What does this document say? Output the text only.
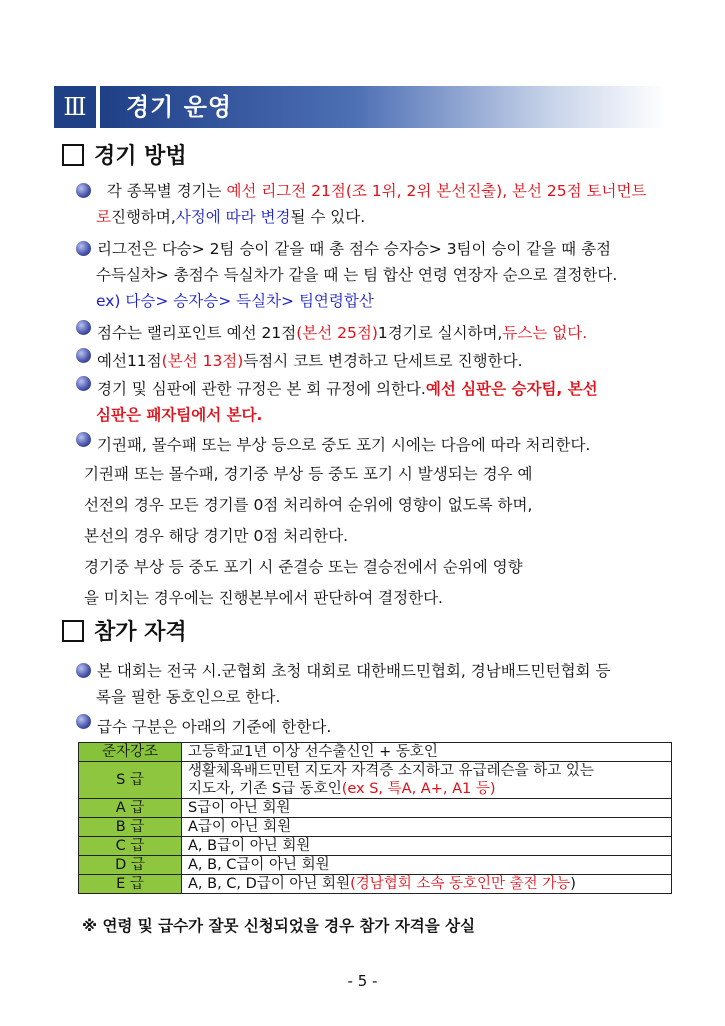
Ⅲ	경기 운영
경기 방법
각 종목별 경기는 예선 리그전 21점(조 1위, 2위 본선진출), 본선 25점 토너먼트
로 진행하며, 사정에 따라 변경 될 수 있다.
리그전은 다승> 2팀 승이 같을 때 총 점수 승자승> 3팀이 승이 같을 때 총점
수득실차> 총점수 득실차가 같을 때 는 팀 합산 연령 연장자 순으로 결정한다.
ex) 다승> 승자승> 득실차> 팀연령합산
점수는 랠리포인트 예선 21점 (본선 25점) 1경기로 실시하며, 듀스는 없다.
예선11점 (본선 13점) 득점시 코트 변경하고 단세트로 진행한다.
경기 및 심판에 관한 규정은 본 회 규정에 의한다. 예선 심판은 승자팀, 본선
심판은 패자팀에서 본다.
기권패, 몰수패 또는 부상 등으로 중도 포기 시에는 다음에 따라 처리한다.
기권패 또는 몰수패, 경기중 부상 등 중도 포기 시 발생되는 경우 예
선전의 경우 모든 경기를 0점 처리하여 순위에 영향이 없도록 하며,
본선의 경우 해당 경기만 0점 처리한다.
경기중 부상 등 중도 포기 시 준결승 또는 결승전에서 순위에 영향
을 미치는 경우에는 진행본부에서 판단하여 결정한다.
참가 자격
본 대회는 전국 시.군협회 초청 대회로 대한배드민협회, 경남배드민턴협회 등
록을 필한 동호인으로 한다.
급수 구분은 아래의 기준에 한한다.
준자강조	고등학교1년 이상 선수출신인 + 동호인
S 급	생활체육배드민턴 지도자 자격증 소지하고 유급레슨을 하고 있는
지도자, 기존 S급 동호인(ex S, 특A, A+, A1 등)

A 급	S급이 아닌 회원
B 급	A급이 아닌 회원
C 급	A, B급이 아닌 회원
D 급	A, B, C급이 아닌 회원
E 급	A, B, C, D급이 아닌 회원(경남협회 소속 동호인만 출전 가능)
※ 연령 및 급수가 잘못 신청되었을 경우 참가 자격을 상실
- 5 -
